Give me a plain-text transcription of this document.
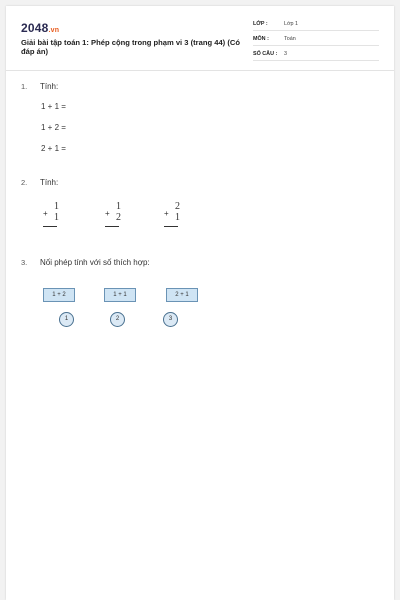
2048.vn
Giải bài tập toán 1: Phép cộng trong phạm vi 3 (trang 44) (Có đáp án)
LỚP :	Lớp 1
MÔN :	Toán
SỐ CÂU : 3
1. Tính:
1 + 1 =
1 + 2 =
2 + 1 =
2. Tính:
1
+ 1
1
+ 2
2
+ 1
3. Nối phép tính với số thích hợp:
1 + 2	1 + 1	2 + 1
1	2	3
